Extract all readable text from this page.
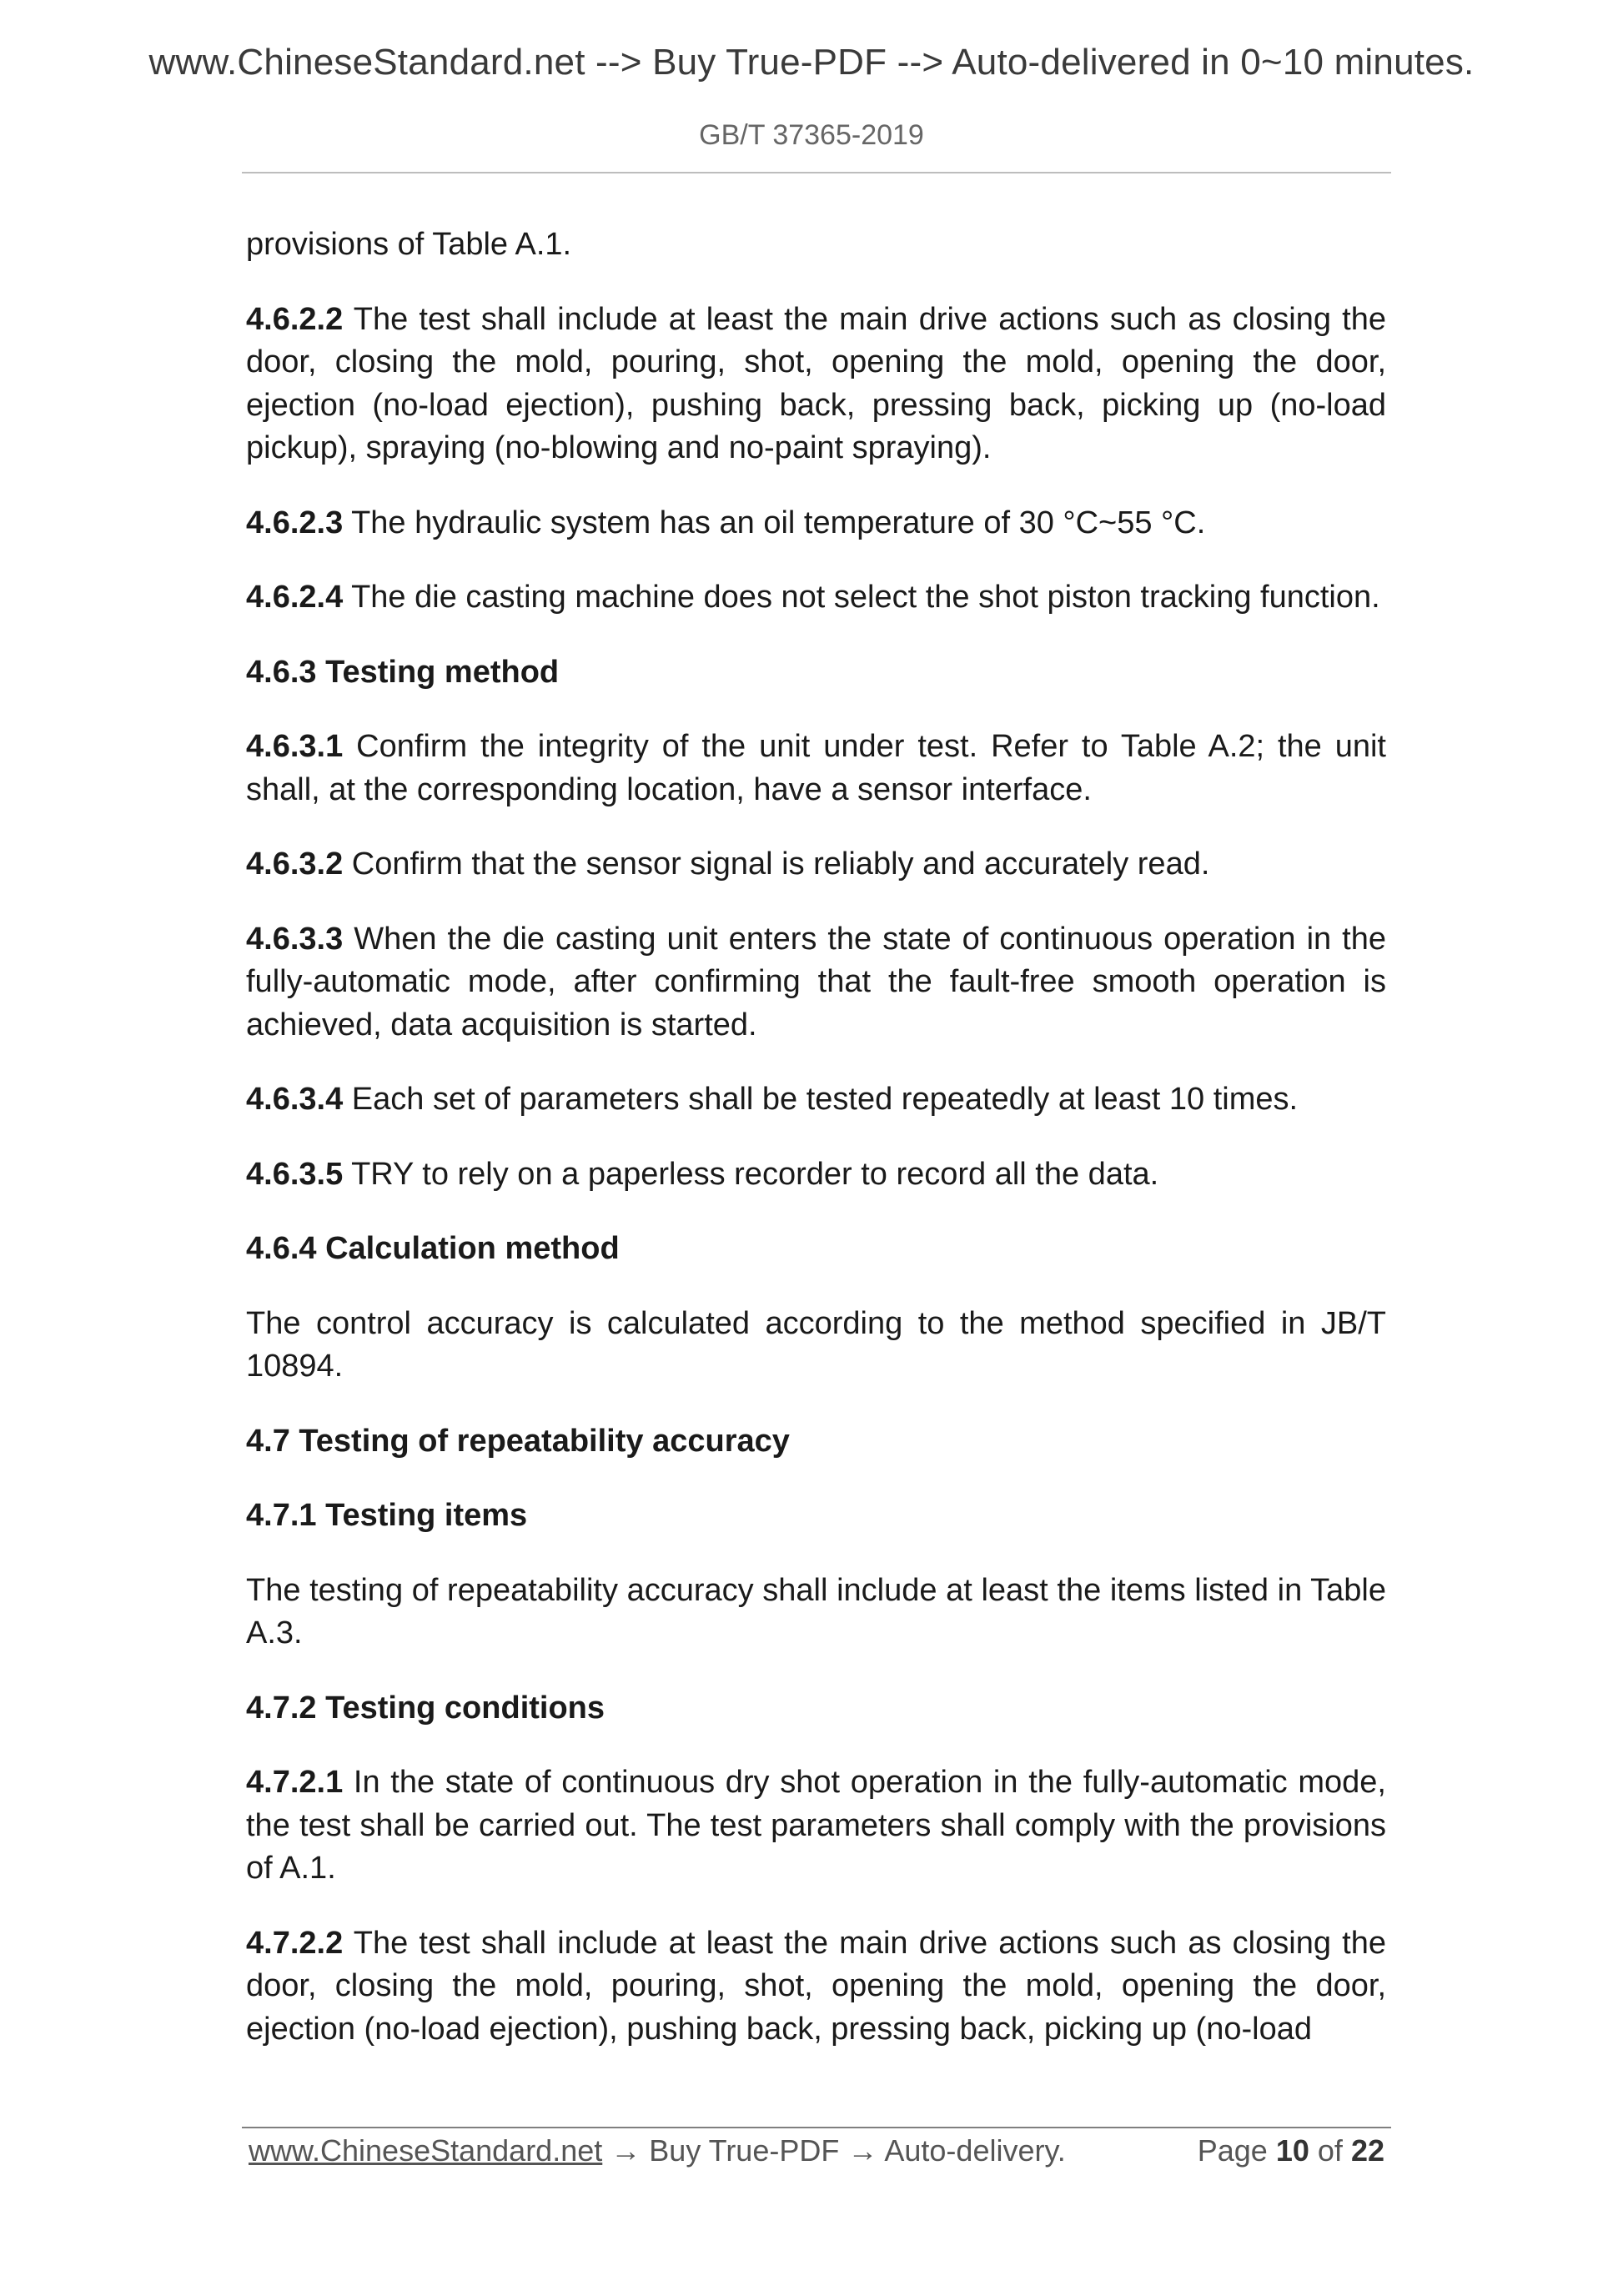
www.ChineseStandard.net --> Buy True-PDF --> Auto-delivered in 0~10 minutes.
GB/T 37365-2019

provisions of Table A.1.

4.6.2.2 The test shall include at least the main drive actions such as closing the door, closing the mold, pouring, shot, opening the mold, opening the door, ejection (no-load ejection), pushing back, pressing back, picking up (no-load pickup), spraying (no-blowing and no-paint spraying).

4.6.2.3 The hydraulic system has an oil temperature of 30 °C~55 °C.

4.6.2.4 The die casting machine does not select the shot piston tracking function.

4.6.3 Testing method

4.6.3.1 Confirm the integrity of the unit under test. Refer to Table A.2; the unit shall, at the corresponding location, have a sensor interface.

4.6.3.2 Confirm that the sensor signal is reliably and accurately read.

4.6.3.3 When the die casting unit enters the state of continuous operation in the fully-automatic mode, after confirming that the fault-free smooth operation is achieved, data acquisition is started.

4.6.3.4 Each set of parameters shall be tested repeatedly at least 10 times.

4.6.3.5 TRY to rely on a paperless recorder to record all the data.

4.6.4 Calculation method

The control accuracy is calculated according to the method specified in JB/T 10894.

4.7 Testing of repeatability accuracy
4.7.1 Testing items

The testing of repeatability accuracy shall include at least the items listed in Table A.3.

4.7.2 Testing conditions

4.7.2.1 In the state of continuous dry shot operation in the fully-automatic mode, the test shall be carried out. The test parameters shall comply with the provisions of A.1.

4.7.2.2 The test shall include at least the main drive actions such as closing the door, closing the mold, pouring, shot, opening the mold, opening the door, ejection (no-load ejection), pushing back, pressing back, picking up (no-load

www.ChineseStandard.net → Buy True-PDF → Auto-delivery.	Page 10 of 22
